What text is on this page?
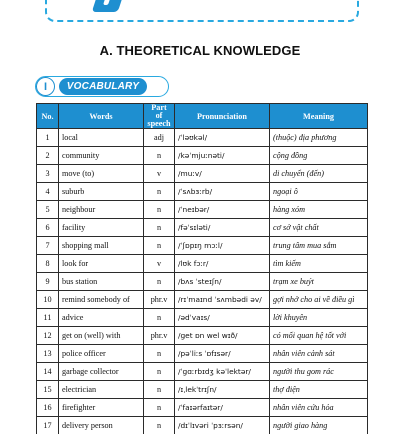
A. THEORETICAL KNOWLEDGE
I	VOCABULARY
No.	Words	Part of speech	Pronunciation	Meaning
1	local	adj	/ˈləʊkəl/	(thuộc) địa phương
2	community	n	/kəˈmjuːnəti/	cộng đồng
3	move (to)	v	/muːv/	di chuyển (đến)
4	suburb	n	/ˈsʌbɜːrb/	ngoại ô
5	neighbour	n	/ˈneɪbər/	hàng xóm
6	facility	n	/fəˈsɪləti/	cơ sở vật chất
7	shopping mall	n	/ˈʃɒpɪŋ mɔːl/	trung tâm mua sắm
8	look for	v	/lʊk fɔːr/	tìm kiếm
9	bus station	n	/bʌs ˈsteɪʃn/	trạm xe buýt
10	remind somebody of	phr.v	/rɪˈmaɪnd ˈsʌmbədi əv/	gợi nhớ cho ai về điều gì
11	advice	n	/ədˈvaɪs/	lời khuyên
12	get on (well) with	phr.v	/ɡet ɒn wel wɪð/	có mối quan hệ tốt với
13	police officer	n	/pəˈliːs ˈɒfɪsər/	nhân viên cảnh sát
14	garbage collector	n	/ˈɡɑːrbɪdʒ kəˈlektər/	người thu gom rác
15	electrician	n	/ɪˌlekˈtrɪʃn/	thợ điện
16	firefighter	n	/ˈfaɪərfaɪtər/	nhân viên cứu hỏa
17	delivery person	n	/dɪˈlɪvəri ˈpɜːrsən/	người giao hàng
